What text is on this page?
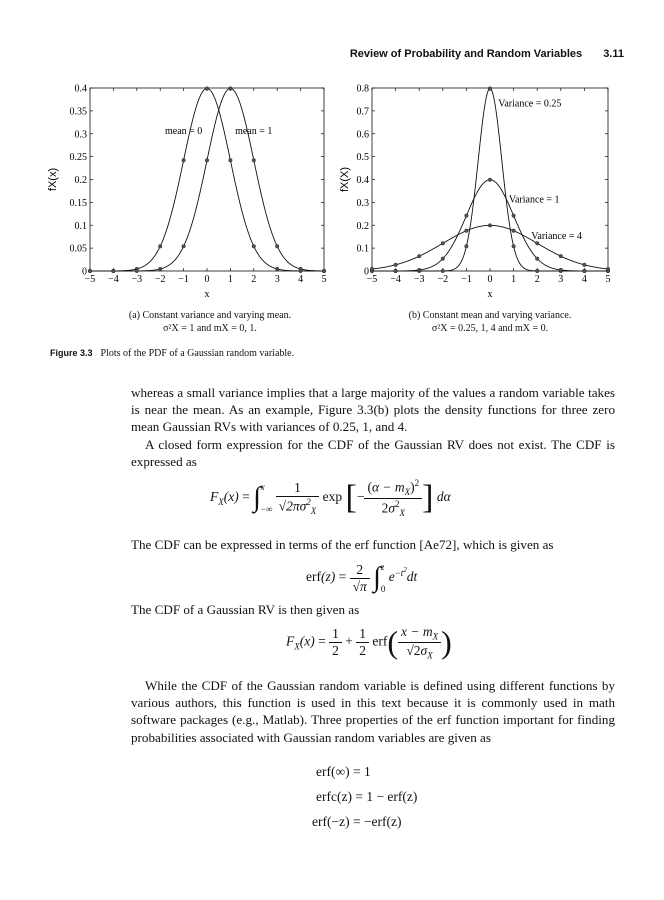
Review of Probability and Random Variables 3.11
−5 −4 −3 −2 −1 0 1 2 3 4 5
0
0.05
0.1
0.15
0.2
0.25
0.3
0.35
0.4
x
fX(x)
mean = 0	mean = 1
−5 −4 −3 −2 −1 0 1 2 3 4 5
0
0.1
0.2
0.3
0.4
0.5
0.6
0.7
0.8
x
fX(X)
Variance = 0.25
Variance = 1
Variance = 4
(a) Constant variance and varying mean.
σ²X = 1 and mX = 0, 1.
(b) Constant mean and varying variance.
σ²X = 0.25, 1, 4 and mX = 0.
Figure 3.3 Plots of the PDF of a Gaussian random variable.

whereas a small variance implies that a large majority of the values a random variable takes is near the mean. As an example, Figure 3.3(b) plots the density functions for three zero mean Gaussian RVs with variances of 0.25, 1, and 4.

A closed form expression for the CDF of the Gaussian RV does not exist. The CDF is expressed as

$F_X(x)$ = ∫ x
−∞
$\frac{1}{√2\pi\sigma^2_X}$ exp [− $\frac{(\alpha - m_X)^2}{2\sigma^2_X}$ ] dα

The CDF can be expressed in terms of the erf function [Ae72], which is given as

$erf(z) = \frac{2}{√\pi}$ ∫ z
0
$e^{-t^2}dt$

The CDF of a Gaussian RV is then given as

$F_X(x) = \frac{1}{2} + \frac{1}{2} erf( \frac{x - m_X}{√2\sigma_X}$ )

While the CDF of the Gaussian random variable is defined using different functions by various authors, this function is used in this text because it is commonly used in math software packages (e.g., Matlab). Three properties of the erf function important for finding probabilities associated with Gaussian random variables are given as

erf(∞) = 1
erfc(z) = 1 − erf(z)
erf(−z) = −erf(z)
